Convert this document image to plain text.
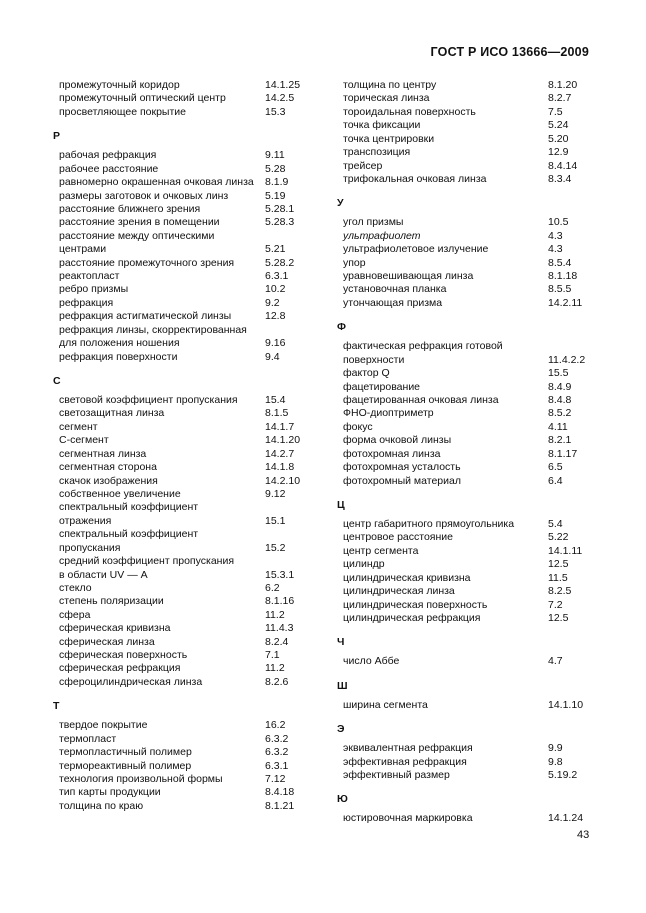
ГОСТ Р ИСО 13666—2009
промежуточный коридор	14.1.25
промежуточный оптический центр	14.2.5
просветляющее покрытие	15.3
Р
рабочая рефракция	9.11
рабочее расстояние	5.28
равномерно окрашенная очковая линза 8.1.9
размеры заготовок и очковых линз	5.19
расстояние ближнего зрения	5.28.1
расстояние зрения в помещении	5.28.3
расстояние между оптическими
центрами	5.21
расстояние промежуточного зрения	5.28.2
реактопласт	6.3.1
ребро призмы	10.2
рефракция	9.2
рефракция астигматической линзы	12.8
рефракция линзы, скорректированная
для положения ношения	9.16
рефракция поверхности	9.4
С
световой коэффициент пропускания	15.4
светозащитная линза	8.1.5
сегмент	14.1.7
С-сегмент	14.1.20
сегментная линза	14.2.7
сегментная сторона	14.1.8
скачок изображения	14.2.10
собственное увеличение	9.12
спектральный коэффициент
отражения	15.1
спектральный коэффициент
пропускания	15.2
средний коэффициент пропускания
в области UV — А	15.3.1
стекло	6.2
степень поляризации	8.1.16
сфера	11.2
сферическая кривизна	11.4.3
сферическая линза	8.2.4
сферическая поверхность	7.1
сферическая рефракция	11.2
сфероцилиндрическая линза	8.2.6
Т
твердое покрытие	16.2
термопласт	6.3.2
термопластичный полимер	6.3.2
термореактивный полимер	6.3.1
технология произвольной формы	7.12
тип карты продукции	8.4.18
толщина по краю	8.1.21
толщина по центру	8.1.20
торическая линза	8.2.7
тороидальная поверхность	7.5
точка фиксации	5.24
точка центрировки	5.20
транспозиция	12.9
трейсер	8.4.14
трифокальная очковая линза	8.3.4
У
угол призмы	10.5
ультрафиолет	4.3
ультрафиолетовое излучение	4.3
упор	8.5.4
уравновешивающая линза	8.1.18
установочная планка	8.5.5
утончающая призма	14.2.11
Ф
фактическая рефракция готовой
поверхности	11.4.2.2
фактор Q	15.5
фацетирование	8.4.9
фацетированная очковая линза	8.4.8
ФНО-диоптриметр	8.5.2
фокус	4.11
форма очковой линзы	8.2.1
фотохромная линза	8.1.17
фотохромная усталость	6.5
фотохромный материал	6.4
Ц
центр габаритного прямоугольника	5.4
центровое расстояние	5.22
центр сегмента	14.1.11
цилиндр	12.5
цилиндрическая кривизна	11.5
цилиндрическая линза	8.2.5
цилиндрическая поверхность	7.2
цилиндрическая рефракция	12.5
Ч
число Аббе	4.7
Ш
ширина сегмента	14.1.10
Э
эквивалентная рефракция	9.9
эффективная рефракция	9.8
эффективный размер	5.19.2
Ю
юстировочная маркировка	14.1.24
43
